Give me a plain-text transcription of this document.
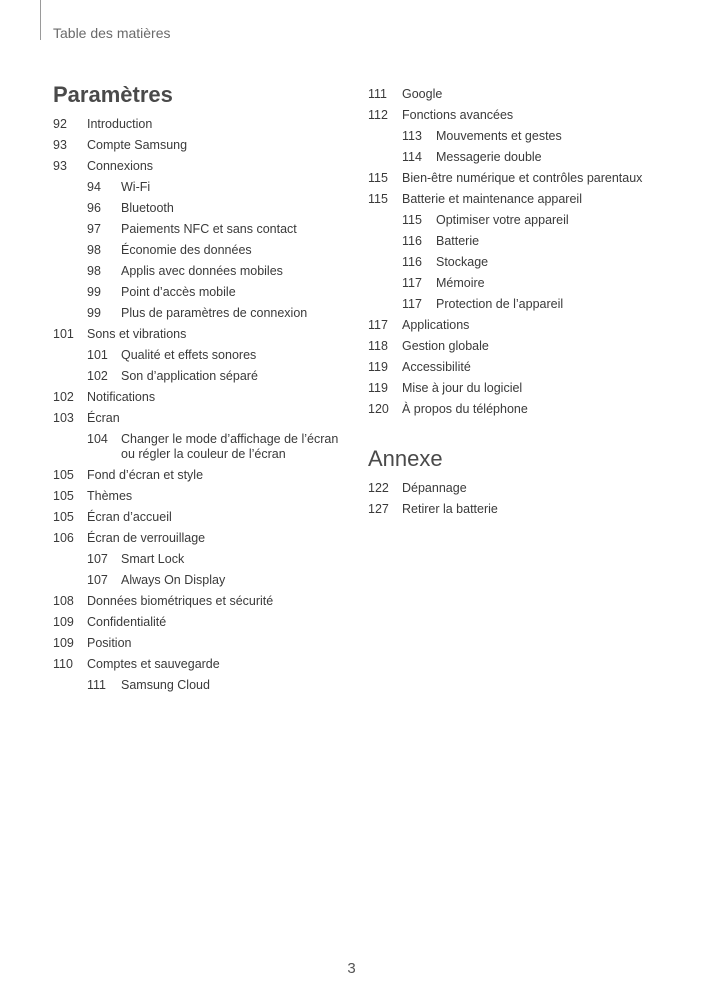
Table des matières
Paramètres
92	Introduction
93	Compte Samsung
93	Connexions
94	Wi-Fi
96	Bluetooth
97	Paiements NFC et sans contact
98	Économie des données
98	Applis avec données mobiles
99	Point d’accès mobile
99	Plus de paramètres de connexion
101	Sons et vibrations
101	Qualité et effets sonores
102	Son d’application séparé
102	Notifications
103	Écran
104	Changer le mode d’affichage de l’écran ou régler la couleur de l’écran
105	Fond d’écran et style
105	Thèmes
105	Écran d’accueil
106	Écran de verrouillage
107	Smart Lock
107	Always On Display
108	Données biométriques et sécurité
109	Confidentialité
109	Position
110	Comptes et sauvegarde
111	Samsung Cloud
111	Google
112	Fonctions avancées
113	Mouvements et gestes
114	Messagerie double
115	Bien-être numérique et contrôles parentaux
115	Batterie et maintenance appareil
115	Optimiser votre appareil
116	Batterie
116	Stockage
117	Mémoire
117	Protection de l’appareil
117	Applications
118	Gestion globale
119	Accessibilité
119	Mise à jour du logiciel
120	À propos du téléphone
Annexe
122	Dépannage
127	Retirer la batterie
3
